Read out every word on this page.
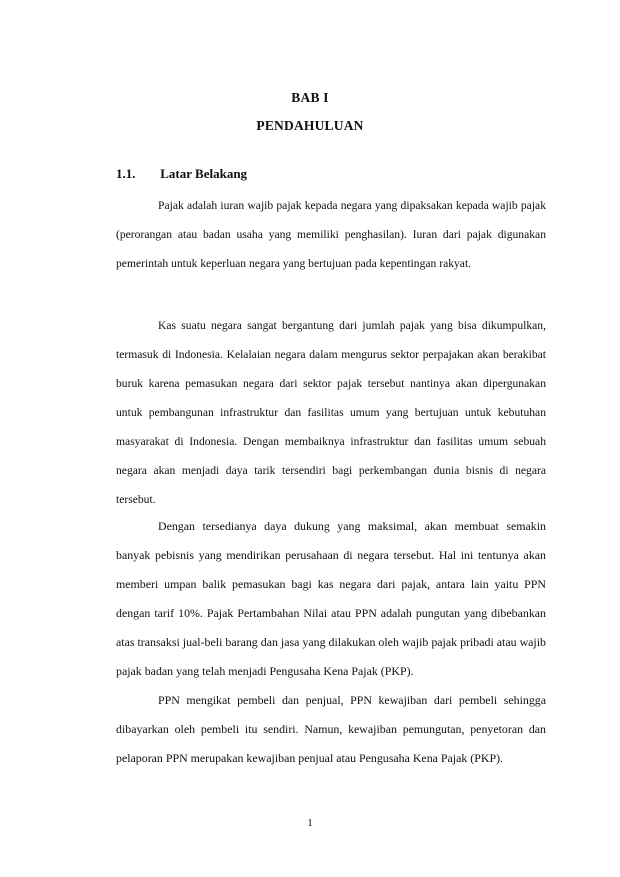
BAB I
PENDAHULUAN
1.1. Latar Belakang

Pajak adalah iuran wajib pajak kepada negara yang dipaksakan kepada wajib pajak (perorangan atau badan usaha yang memiliki penghasilan). Iuran dari pajak digunakan pemerintah untuk keperluan negara yang bertujuan pada kepentingan rakyat.

Kas suatu negara sangat bergantung dari jumlah pajak yang bisa dikumpulkan, termasuk di Indonesia. Kelalaian negara dalam mengurus sektor perpajakan akan berakibat buruk karena pemasukan negara dari sektor pajak tersebut nantinya akan dipergunakan untuk pembangunan infrastruktur dan fasilitas umum yang bertujuan untuk kebutuhan masyarakat di Indonesia. Dengan membaiknya infrastruktur dan fasilitas umum sebuah negara akan menjadi daya tarik tersendiri bagi perkembangan dunia bisnis di negara tersebut.

Dengan tersedianya daya dukung yang maksimal, akan membuat semakin banyak pebisnis yang mendirikan perusahaan di negara tersebut. Hal ini tentunya akan memberi umpan balik pemasukan bagi kas negara dari pajak, antara lain yaitu PPN dengan tarif 10%. Pajak Pertambahan Nilai atau PPN adalah pungutan yang dibebankan atas transaksi jual-beli barang dan jasa yang dilakukan oleh wajib pajak pribadi atau wajib pajak badan yang telah menjadi Pengusaha Kena Pajak (PKP).

PPN mengikat pembeli dan penjual, PPN kewajiban dari pembeli sehingga dibayarkan oleh pembeli itu sendiri. Namun, kewajiban pemungutan, penyetoran dan pelaporan PPN merupakan kewajiban penjual atau Pengusaha Kena Pajak (PKP).

1
